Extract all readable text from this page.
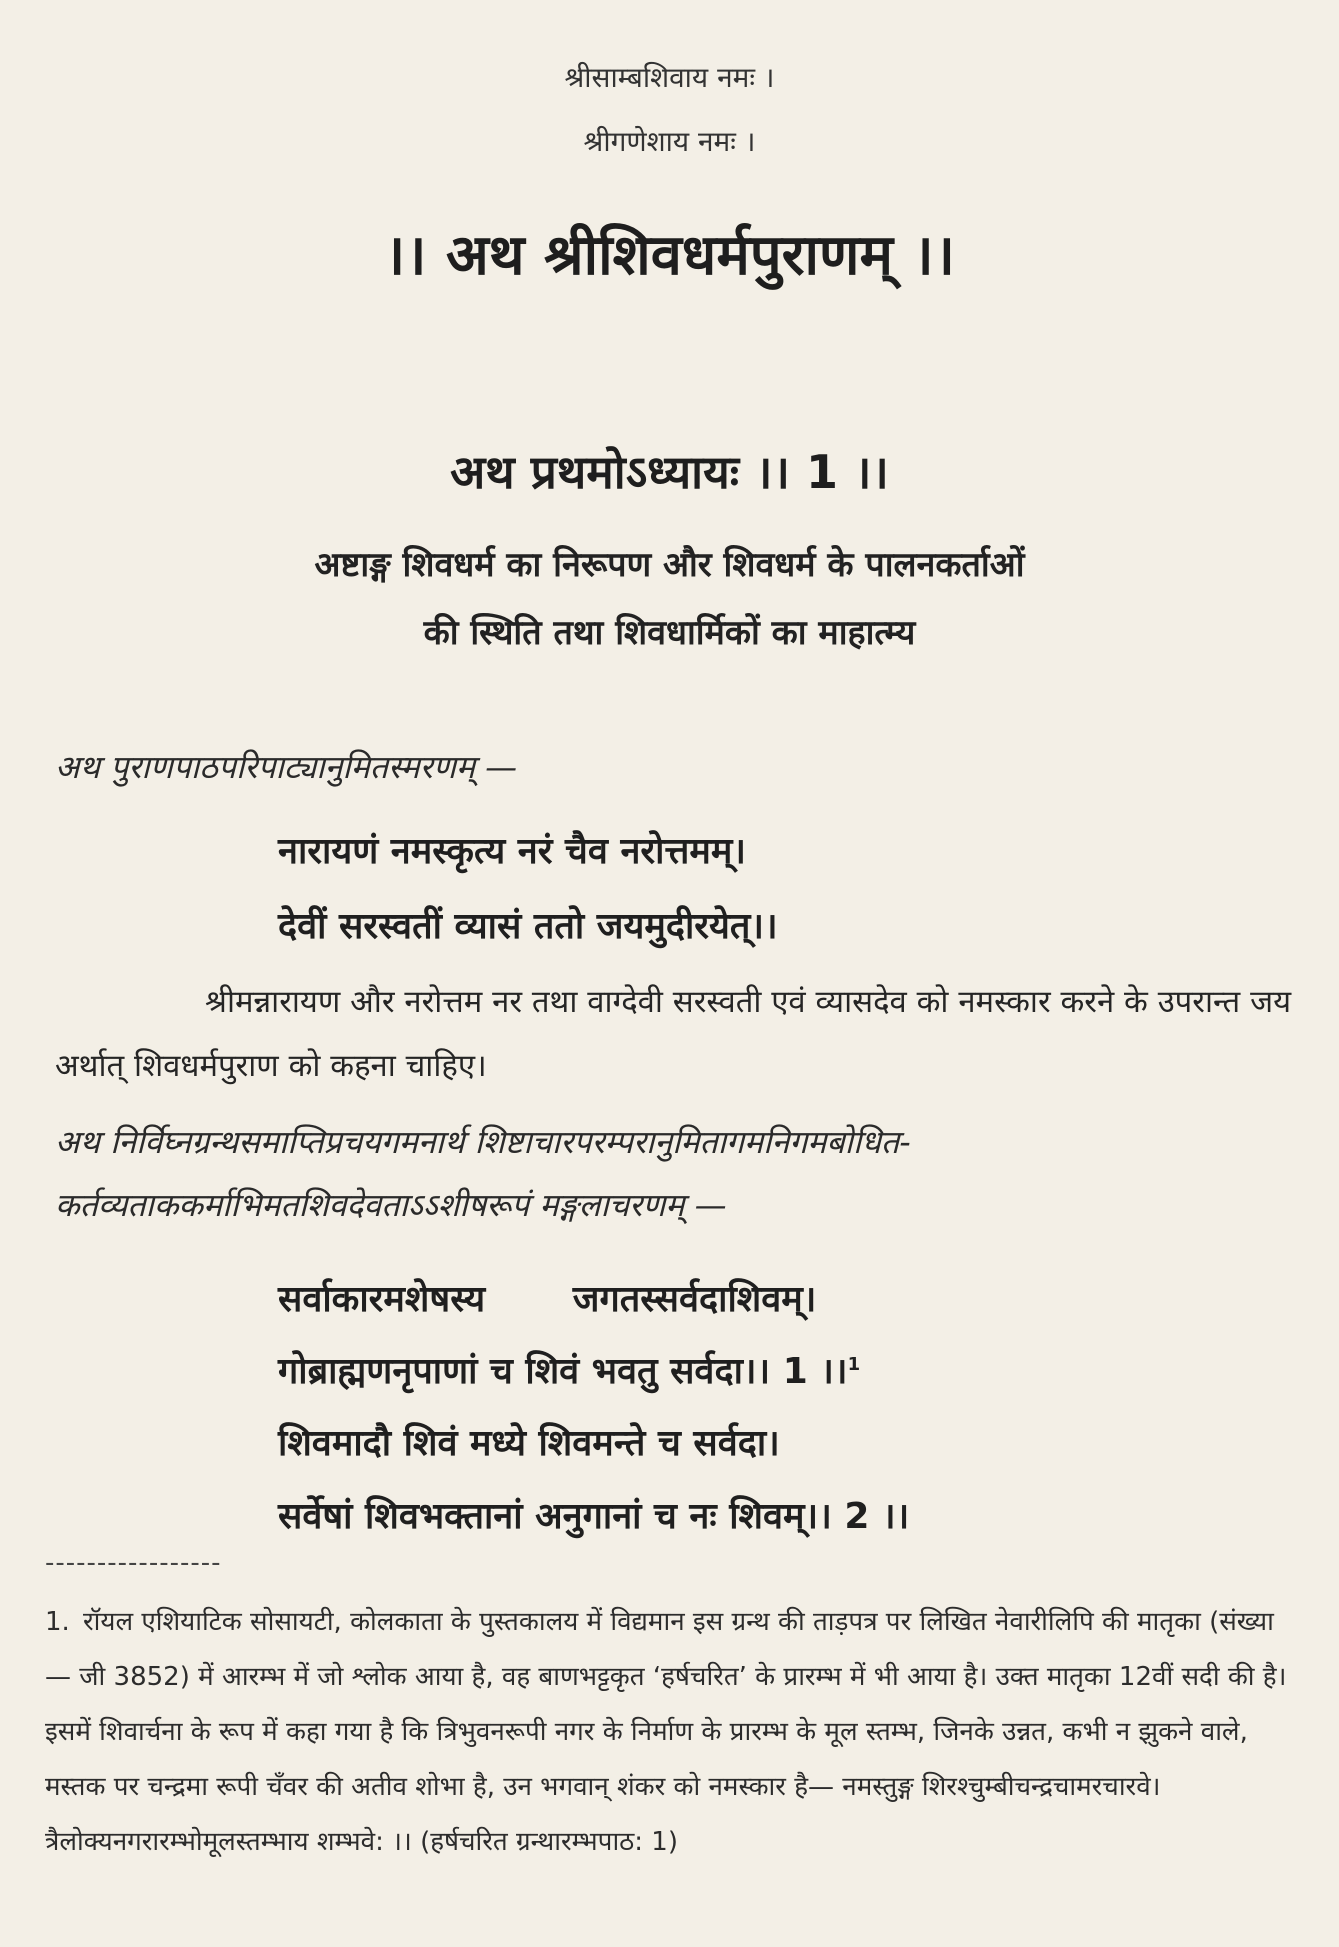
श्रीसाम्बशिवाय नमः ।
श्रीगणेशाय नमः ।
।। अथ श्रीशिवधर्मपुराणम् ।।
अथ प्रथमोऽध्यायः ।। 1 ।।
अष्टाङ्ग शिवधर्म का निरूपण और शिवधर्म के पालनकर्ताओं
की स्थिति तथा शिवधार्मिकों का माहात्म्य
अथ पुराणपाठपरिपाट्यानुमितस्मरणम् —
नारायणं नमस्कृत्य नरं चैव नरोत्तमम्।
देवीं सरस्वतीं व्यासं ततो जयमुदीरयेत्।।
श्रीमन्नारायण और नरोत्तम नर तथा वाग्देवी सरस्वती एवं व्यासदेव को नमस्कार करने के उपरान्त जय अर्थात् शिवधर्मपुराण को कहना चाहिए।
अथ निर्विघ्नग्रन्थसमाप्तिप्रचयगमनार्थ शिष्टाचारपरम्परानुमितागमनिगमबोधित-
कर्तव्यताककर्माभिमतशिवदेवताऽऽशीषरूपं मङ्गलाचरणम् —
सर्वाकारमशेषस्य       जगतस्सर्वदाशिवम्।
गोब्राह्मणनृपाणां च शिवं भवतु सर्वदा।। 1 ।।$^1$
शिवमादौ शिवं मध्ये शिवमन्ते च सर्वदा।
सर्वेषां शिवभक्तानां अनुगानां च नः शिवम्।। 2 ।।
-----------------
1. रॉयल एशियाटिक सोसायटी, कोलकाता के पुस्तकालय में विद्यमान इस ग्रन्थ की ताड़पत्र पर लिखित नेवारीलिपि की मातृका (संख्या— जी 3852) में आरम्भ में जो श्लोक आया है, वह बाणभट्टकृत ‘हर्षचरित’ के प्रारम्भ में भी आया है। उक्त मातृका 12वीं सदी की है। इसमें शिवार्चना के रूप में कहा गया है कि त्रिभुवनरूपी नगर के निर्माण के प्रारम्भ के मूल स्तम्भ, जिनके उन्नत, कभी न झुकने वाले, मस्तक पर चन्द्रमा रूपी चँवर की अतीव शोभा है, उन भगवान् शंकर को नमस्कार है— नमस्तुङ्ग शिरश्चुम्बीचन्द्रचामरचारवे। त्रैलोक्यनगरारम्भोमूलस्तम्भाय शम्भवे: ।। (हर्षचरित ग्रन्थारम्भपाठ: 1)
